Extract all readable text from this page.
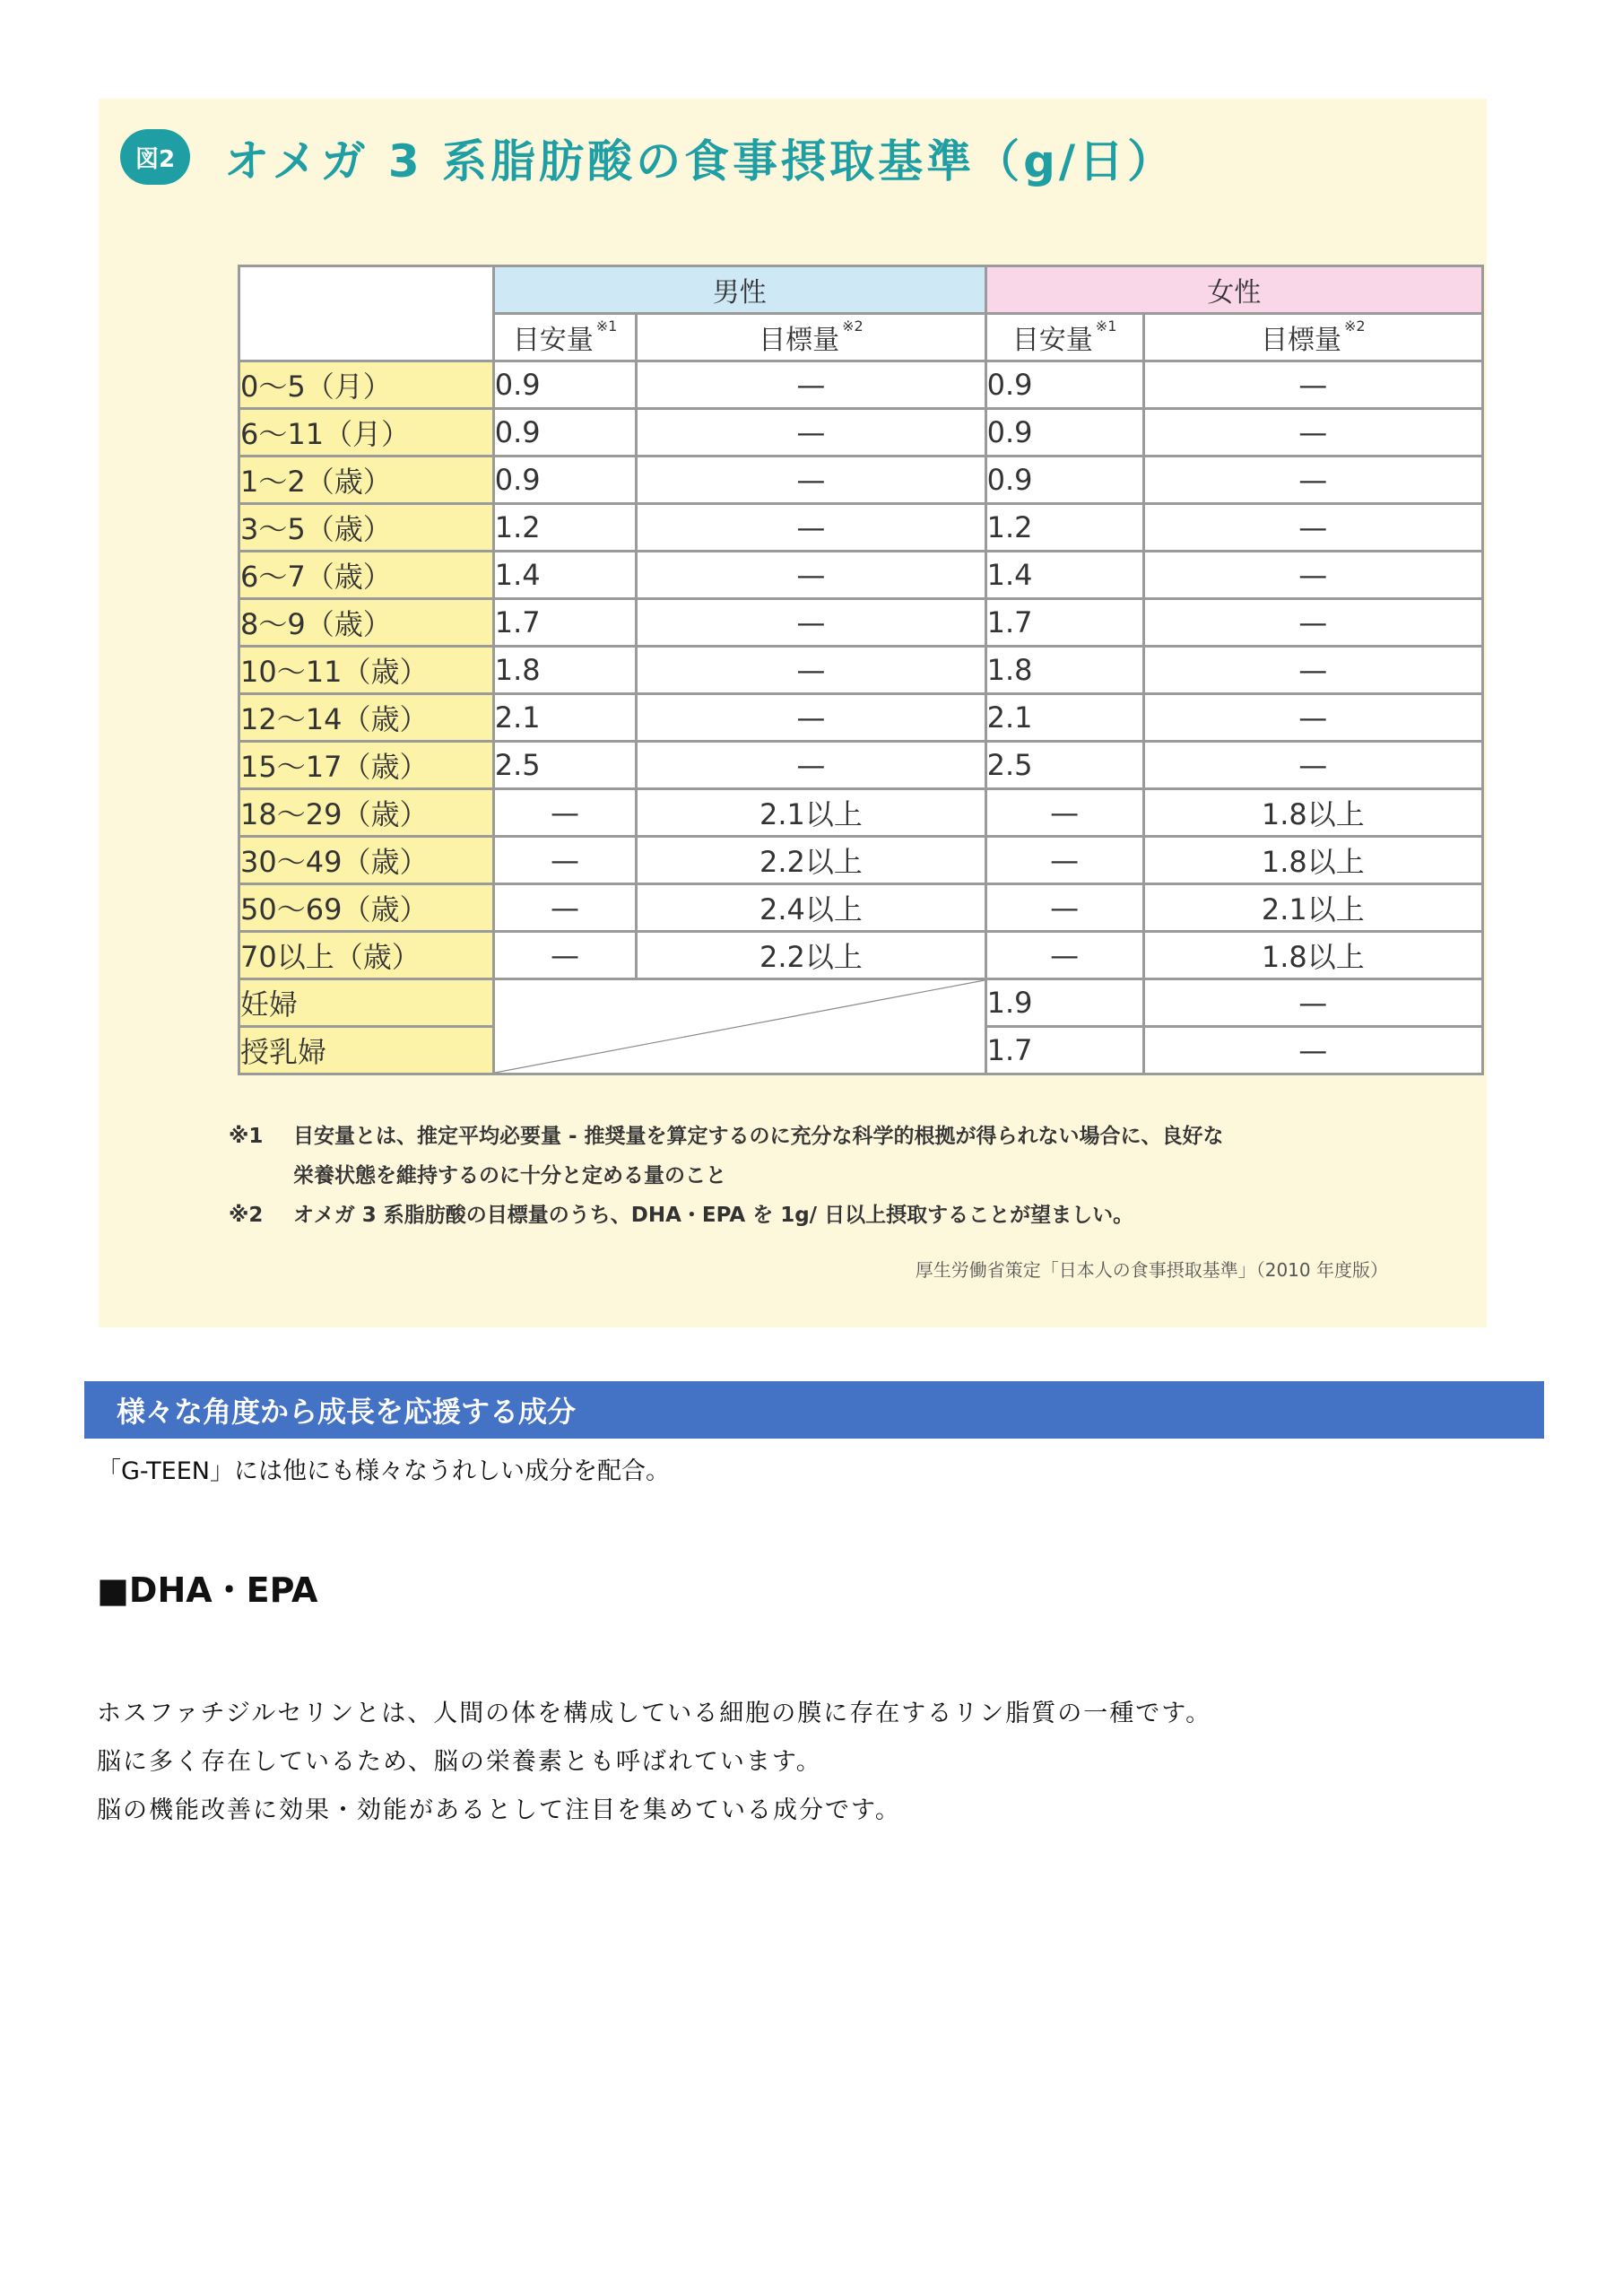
図2	オメガ 3 系脂肪酸の食事摂取基準（g/日）
	男性		女性	
	目安量 $^{※1}$	目標量 $^{※2}$	目安量 $^{※1}$	目標量 $^{※2}$
0〜5（月）	0.9	—	0.9	—
6〜11（月）	0.9	—	0.9	—
1〜2（歳）	0.9	—	0.9	—
3〜5（歳）	1.2	—	1.2	—
6〜7（歳）	1.4	—	1.4	—
8〜9（歳）	1.7	—	1.7	—
10〜11（歳）	1.8	—	1.8	—
12〜14（歳）	2.1	—	2.1	—
15〜17（歳）	2.5	—	2.5	—
18〜29（歳）	—	2.1以上	—	1.8以上
30〜49（歳）	—	2.2以上	—	1.8以上
50〜69（歳）	—	2.4以上	—	2.1以上
70以上（歳）	—	2.2以上	—	1.8以上
妊婦			1.9	—
授乳婦			1.7	—
※1	目安量とは、推定平均必要量 - 推奨量を算定するのに充分な科学的根拠が得られない場合に、良好な
栄養状態を維持するのに十分と定める量のこと
※2	オメガ 3 系脂肪酸の目標量のうち、DHA・EPA を 1g/ 日以上摂取することが望ましい。
厚生労働省策定「日本人の食事摂取基準」（2010 年度版）
様々な角度から成長を応援する成分
「G-TEEN」には他にも様々なうれしい成分を配合。
■DHA・EPA

ホスファチジルセリンとは、人間の体を構成している細胞の膜に存在するリン脂質の一種です。

脳に多く存在しているため、脳の栄養素とも呼ばれています。

脳の機能改善に効果・効能があるとして注目を集めている成分です。
